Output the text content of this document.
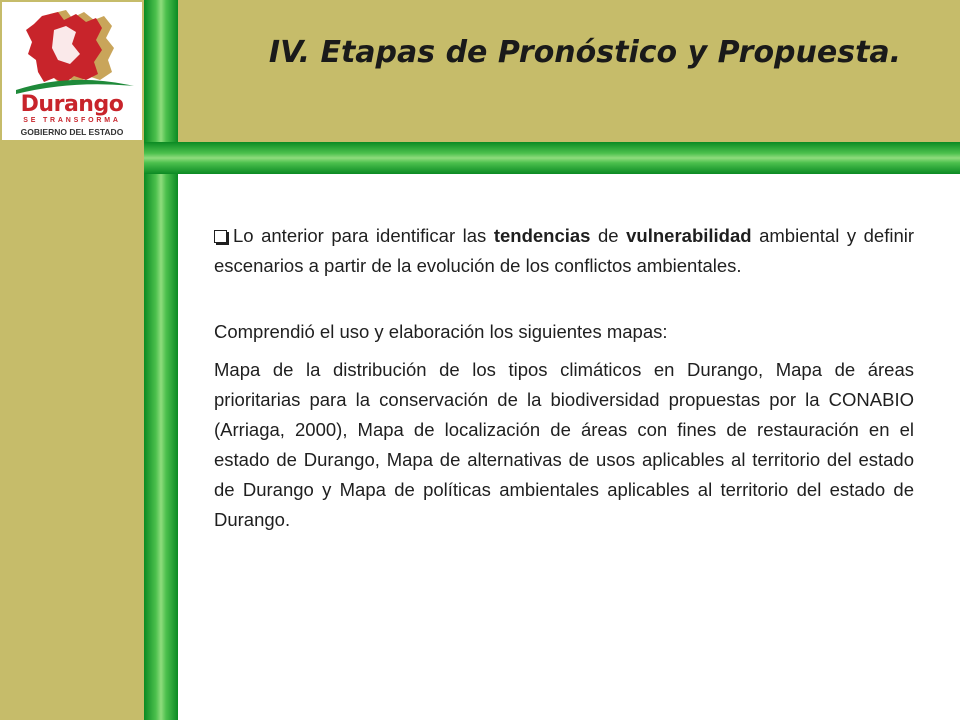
Durango
SE TRANSFORMA
GOBIERNO DEL ESTADO
IV. Etapas de Pronóstico y Propuesta.

Lo anterior para identificar las tendencias de vulnerabilidad ambiental y definir escenarios a partir de la evolución de los conflictos ambientales.

Comprendió el uso y elaboración los siguientes mapas:

Mapa de la distribución de los tipos climáticos en Durango, Mapa de áreas prioritarias para la conservación de la biodiversidad propuestas por la CONABIO (Arriaga, 2000), Mapa de localización de áreas con fines de restauración en el estado de Durango, Mapa de alternativas de usos aplicables al territorio del estado de Durango y Mapa de políticas ambientales aplicables al territorio del estado de Durango.
